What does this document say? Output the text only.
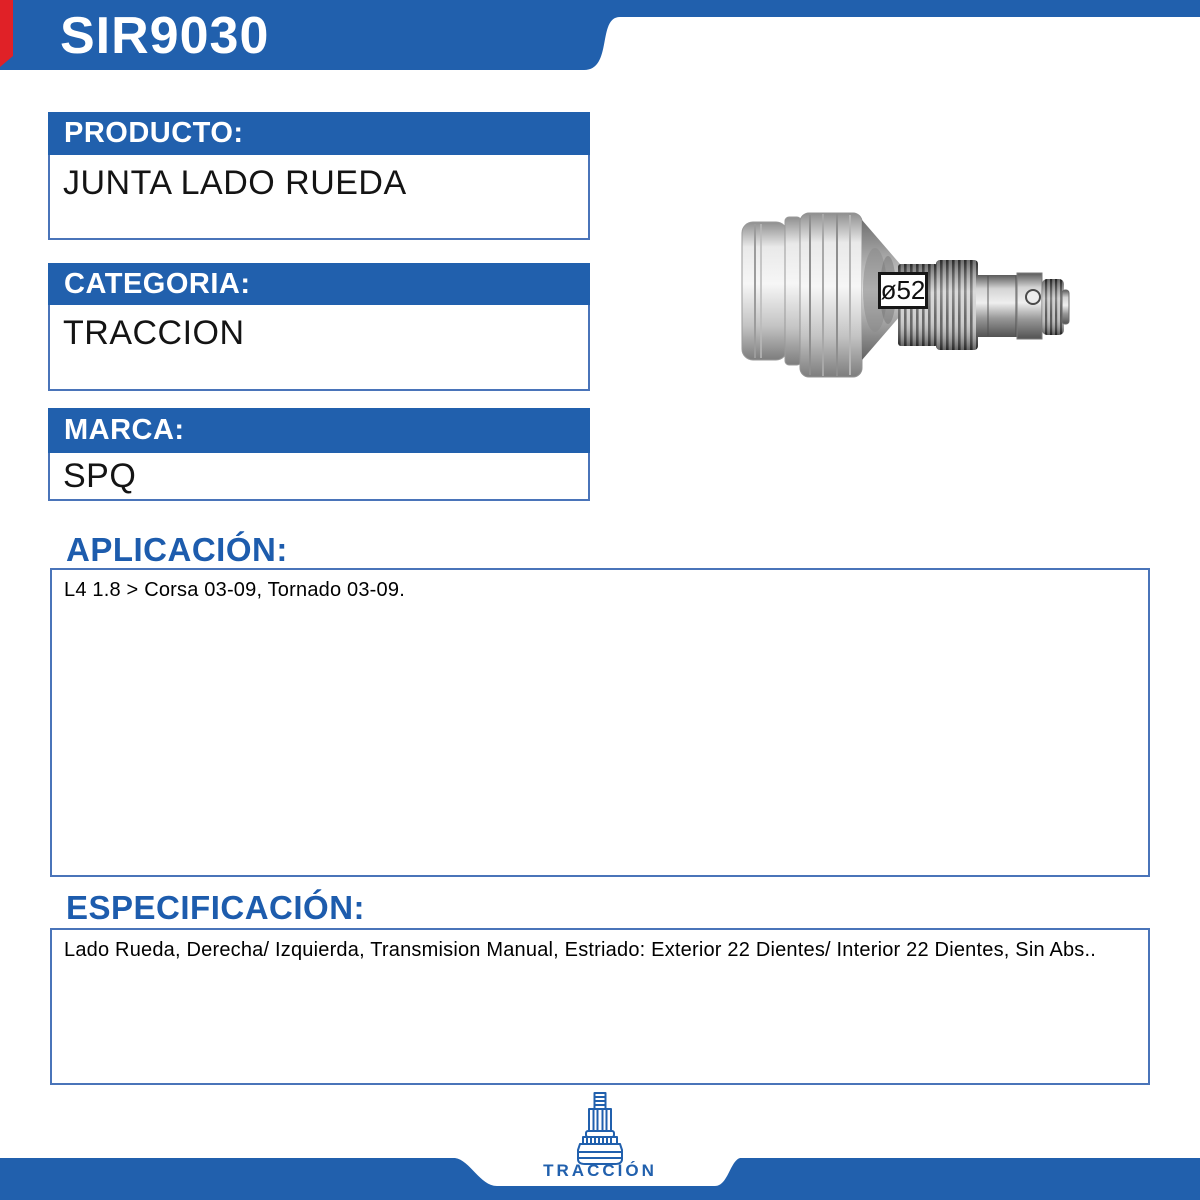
SIR9030
PRODUCTO:
JUNTA LADO RUEDA
CATEGORIA:
TRACCION
MARCA:
SPQ
ø52
APLICACIÓN:

L4 1.8 > Corsa 03-09, Tornado 03-09.

ESPECIFICACIÓN:

Lado Rueda, Derecha/ Izquierda, Transmision Manual, Estriado: Exterior 22 Dientes/ Interior 22 Dientes, Sin Abs..

TRACCIÓN
